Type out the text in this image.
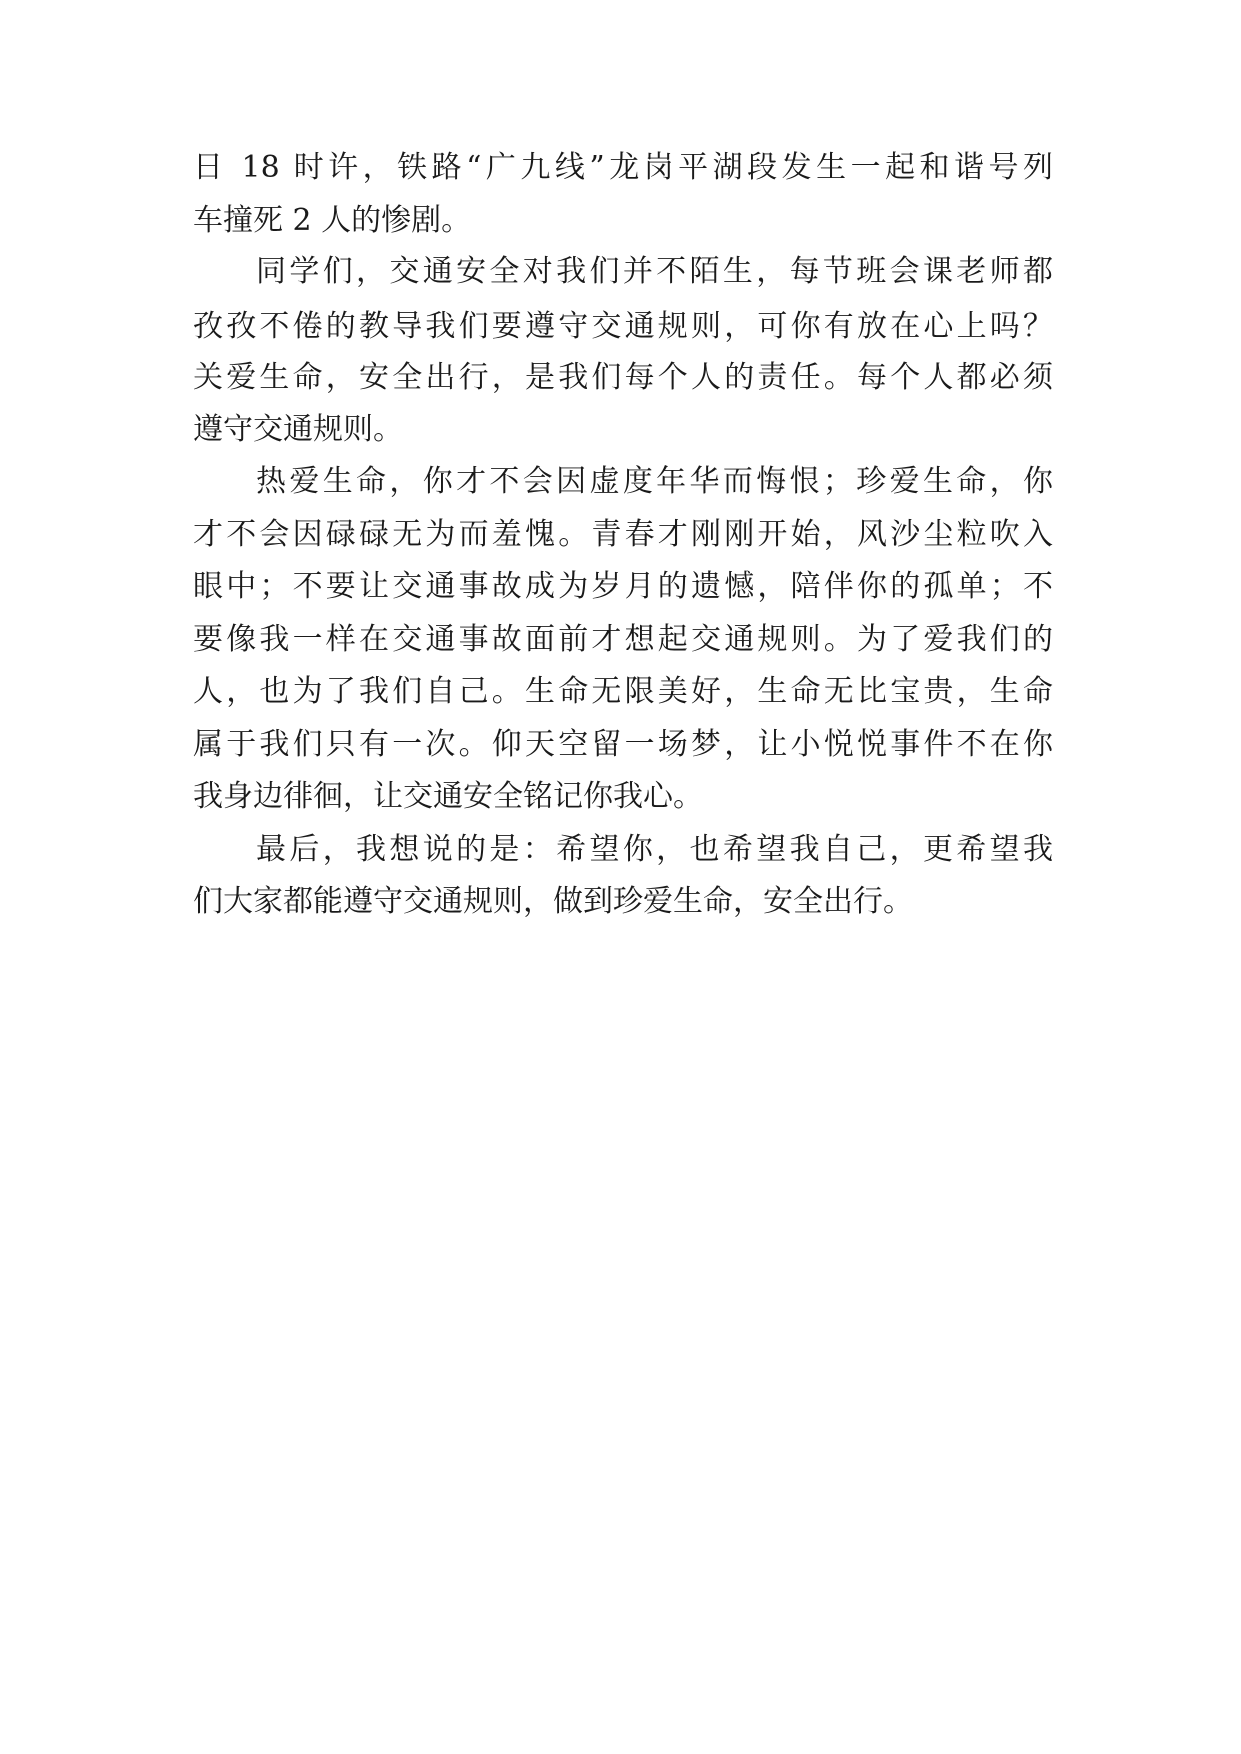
日 18 时许，铁路“广九线”龙岗平湖段发生一起和谐号列
车撞死 2 人的惨剧。
同学们，交通安全对我们并不陌生，每节班会课老师都
孜孜不倦的教导我们要遵守交通规则，可你有放在心上吗？
关爱生命，安全出行，是我们每个人的责任。每个人都必须
遵守交通规则。
热爱生命，你才不会因虚度年华而悔恨；珍爱生命，你
才不会因碌碌无为而羞愧。青春才刚刚开始，风沙尘粒吹入
眼中；不要让交通事故成为岁月的遗憾，陪伴你的孤单；不
要像我一样在交通事故面前才想起交通规则。为了爱我们的
人，也为了我们自己。生命无限美好，生命无比宝贵，生命
属于我们只有一次。仰天空留一场梦，让小悦悦事件不在你
我身边徘徊，让交通安全铭记你我心。
最后，我想说的是：希望你，也希望我自己，更希望我
们大家都能遵守交通规则，做到珍爱生命，安全出行。
